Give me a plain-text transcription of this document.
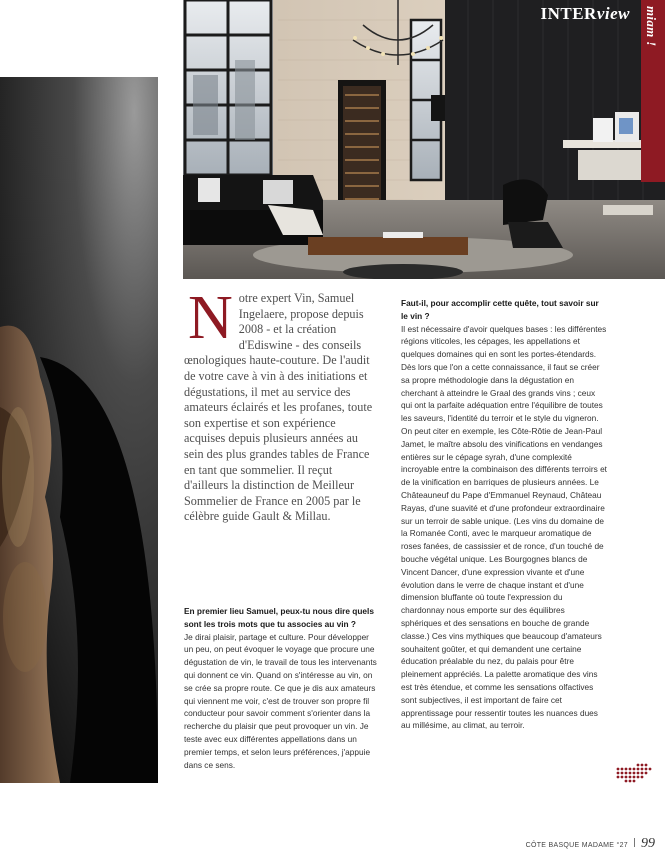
INTERview miam !
Notre expert Vin, Samuel Ingelaere, propose depuis 2008 - et la création d'Ediswine - des conseils œnologiques haute-couture. De l'audit de votre cave à vin à des initiations et dégustations, il met au service des amateurs éclairés et les profanes, toute son expertise et son expérience acquises depuis plusieurs années au sein des plus grandes tables de France en tant que sommelier. Il reçut d'ailleurs la distinction de Meilleur Sommelier de France en 2005 par le célèbre guide Gault & Millau.

En premier lieu Samuel, peux-tu nous dire quels sont les trois mots que tu associes au vin ?

Je dirai plaisir, partage et culture. Pour développer un peu, on peut évoquer le voyage que procure une dégustation de vin, le travail de tous les intervenants qui donnent ce vin. Quand on s'intéresse au vin, on se crée sa propre route. Ce que je dis aux amateurs qui viennent me voir, c'est de trouver son propre fil conducteur pour savoir comment s'orienter dans la recherche du plaisir que peut provoquer un vin. Je teste avec eux différentes appellations dans un premier temps, et selon leurs préférences, j'appuie dans ce sens.

Faut-il, pour accomplir cette quête, tout savoir sur le vin ?

Il est nécessaire d'avoir quelques bases : les différentes régions viticoles, les cépages, les appellations et quelques domaines qui en sont les portes-étendards.

Dès lors que l'on a cette connaissance, il faut se créer sa propre méthodologie dans la dégustation en cherchant à atteindre le Graal des grands vins ; ceux qui ont la parfaite adéquation entre l'équilibre de toutes les saveurs, l'identité du terroir et le style du vigneron. On peut citer en exemple, les Côte-Rôtie de Jean-Paul Jamet, le maître absolu des vinifications en vendanges entières sur le cépage syrah, d'une complexité incroyable entre la combinaison des différents terroirs et de la vinification en barriques de plusieurs années. Le Châteauneuf du Pape d'Emmanuel Reynaud, Château Rayas, d'une suavité et d'une profondeur extraordinaire sur un terroir de sable unique. (Les vins du domaine de la Romanée Conti, avec le marqueur aromatique de roses fanées, de cassissier et de ronce, d'un touché de bouche végétal unique. Les Bourgognes blancs de Vincent Dancer, d'une expression vivante et d'une évolution dans le verre de chaque instant et d'une dimension bluffante où toute l'expression du chardonnay nous emporte sur des équilibres sphériques et des sensations en bouche de grande classe.) Ces vins mythiques que beaucoup d'amateurs souhaitent goûter, et qui demandent une certaine éducation préalable du nez, du palais pour être pleinement appréciés. La palette aromatique des vins est très étendue, et comme les sensations olfactives sont subjectives, il est important de faire cet apprentissage pour ressentir toutes les nuances dues au millésime, au climat, au terroir.

CÔTE BASQUE MADAME °27 99
